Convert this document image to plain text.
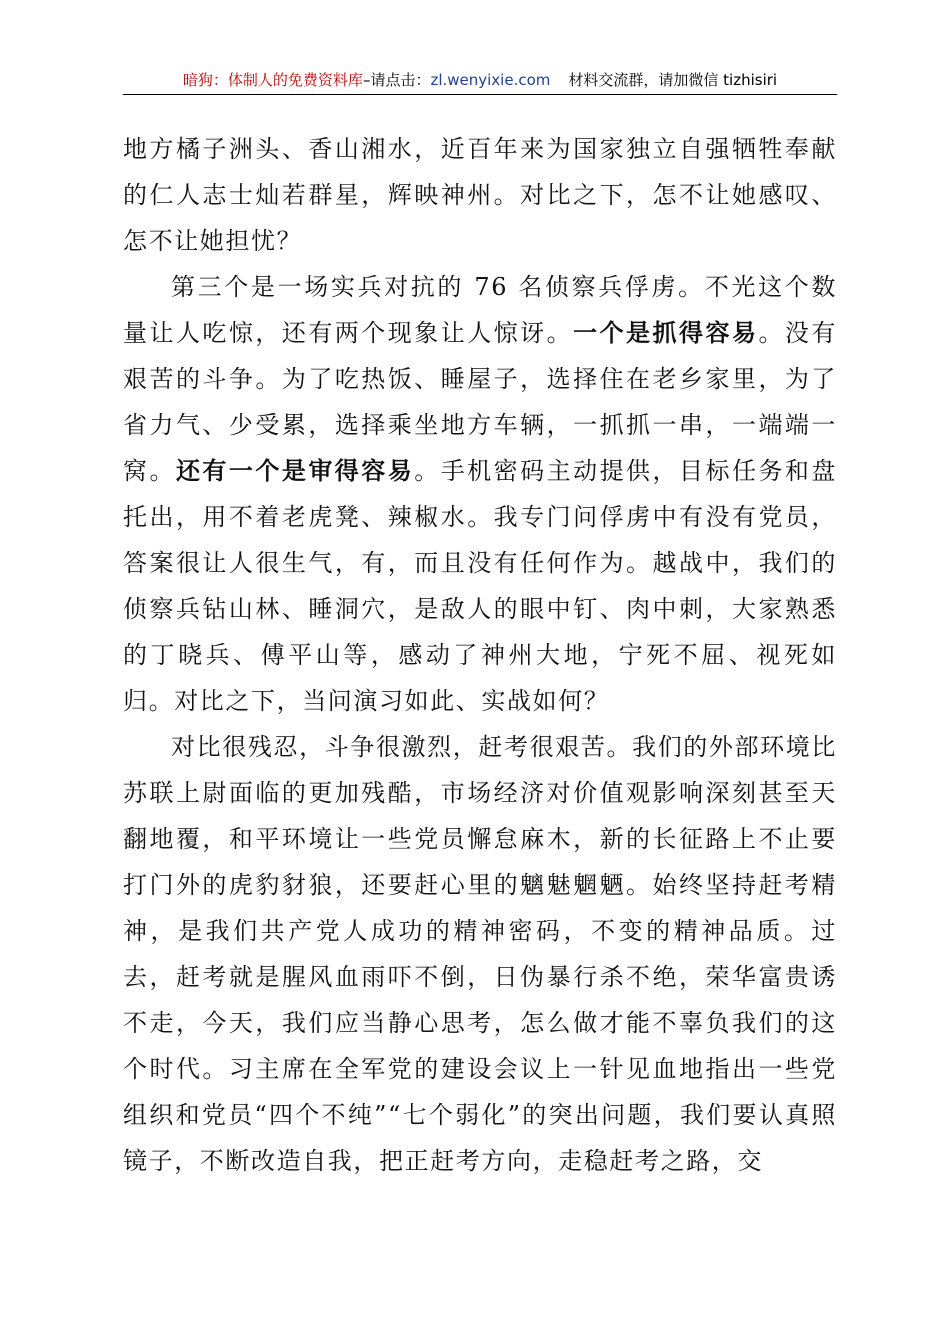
暗狗：体制人的免费资料库–请点击：zl.wenyixie.com 材料交流群，请加微信 tizhisiri

地方橘子洲头、香山湘水，近百年来为国家独立自强牺牲奉献的仁人志士灿若群星，辉映神州。对比之下，怎不让她感叹、怎不让她担忧？

第三个是一场实兵对抗的 76 名侦察兵俘虏。不光这个数量让人吃惊，还有两个现象让人惊讶。一个是抓得容易。没有艰苦的斗争。为了吃热饭、睡屋子，选择住在老乡家里，为了省力气、少受累，选择乘坐地方车辆，一抓抓一串，一端端一窝。还有一个是审得容易。手机密码主动提供，目标任务和盘托出，用不着老虎凳、辣椒水。我专门问俘虏中有没有党员，答案很让人很生气，有，而且没有任何作为。越战中，我们的侦察兵钻山林、睡洞穴，是敌人的眼中钉、肉中刺，大家熟悉的丁晓兵、傅平山等，感动了神州大地，宁死不屈、视死如归。对比之下，当问演习如此、实战如何？

对比很残忍，斗争很激烈，赶考很艰苦。我们的外部环境比苏联上尉面临的更加残酷，市场经济对价值观影响深刻甚至天翻地覆，和平环境让一些党员懈怠麻木，新的长征路上不止要打门外的虎豹豺狼，还要赶心里的魑魅魍魉。始终坚持赶考精神，是我们共产党人成功的精神密码，不变的精神品质。过去，赶考就是腥风血雨吓不倒，日伪暴行杀不绝，荣华富贵诱不走，今天，我们应当静心思考，怎么做才能不辜负我们的这个时代。习主席在全军党的建设会议上一针见血地指出一些党组织和党员“四个不纯”“七个弱化”的突出问题，我们要认真照镜子，不断改造自我，把正赶考方向，走稳赶考之路，交
